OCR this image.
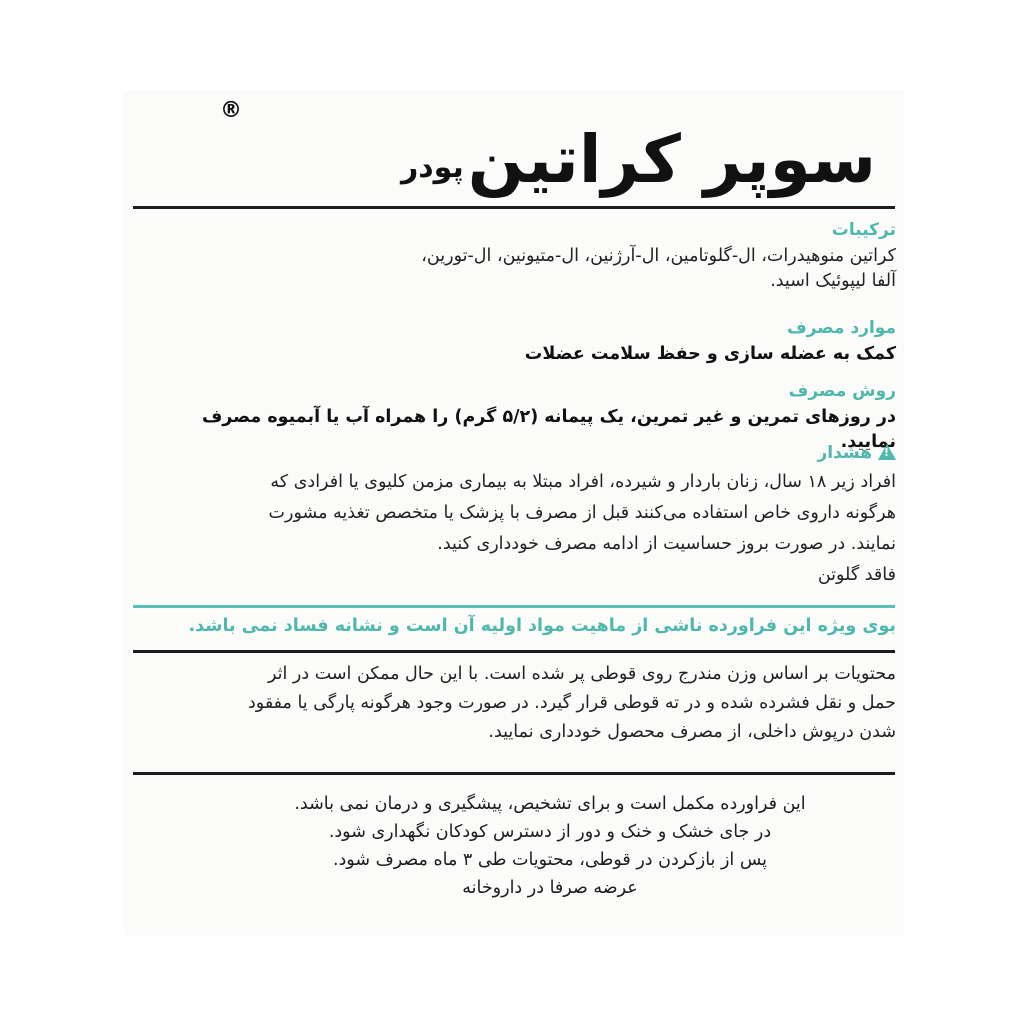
®
سوپر کراتین
پودر
ترکیبات
کراتین منوهیدرات، ال-گلوتامین، ال-آرژنین، ال-متیونین، ال-تورین،
آلفا لیپوئیک اسید.
موارد مصرف
کمک به عضله سازی و حفظ سلامت عضلات
روش مصرف
در روزهای تمرین و غیر تمرین، یک پیمانه (۵/۲ گرم) را همراه آب یا آبمیوه مصرف نمایید.
!هشدار
افراد زیر ۱۸ سال، زنان باردار و شیرده، افراد مبتلا به بیماری مزمن کلیوی یا افرادی که
هرگونه داروی خاص استفاده می‌کنند قبل از مصرف با پزشک یا متخصص تغذیه مشورت
نمایند. در صورت بروز حساسیت از ادامه مصرف خودداری کنید.
فاقد گلوتن
بوی ویژه این فراورده ناشی از ماهیت مواد اولیه آن است و نشانه فساد نمی باشد.
محتویات بر اساس وزن مندرج روی قوطی پر شده است. با این حال ممکن است در اثر
حمل و نقل فشرده شده و در ته قوطی قرار گیرد. در صورت وجود هرگونه پارگی یا مفقود
شدن درپوش داخلی، از مصرف محصول خودداری نمایید.
این فراورده مکمل است و برای تشخیص، پیشگیری و درمان نمی باشد.
در جای خشک و خنک و دور از دسترس کودکان نگهداری شود.
پس از بازکردن در قوطی، محتویات طی ۳ ماه مصرف شود.
عرضه صرفا در داروخانه
